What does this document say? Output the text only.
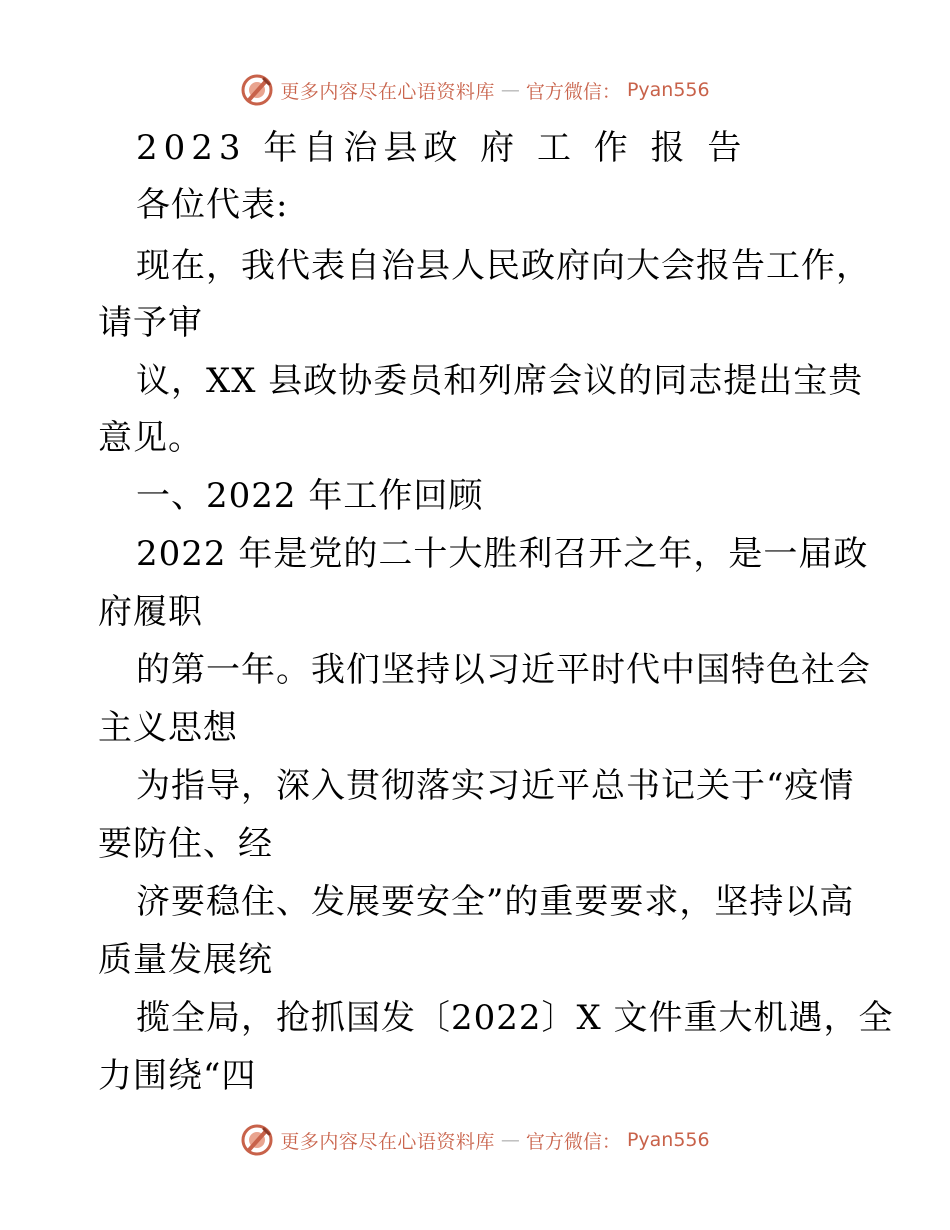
更多内容尽在心语资料库 — 官方微信： Pyan556
2023 年自治县政 府 工 作 报 告
各位代表:
现在，我代表自治县人民政府向大会报告工作，
请予审
议，XX 县政协委员和列席会议的同志提出宝贵
意见。
一、2022 年工作回顾
2022 年是党的二十大胜利召开之年，是一届政
府履职
的第一年。我们坚持以习近平时代中国特色社会
主义思想
为指导，深入贯彻落实习近平总书记关于“疫情
要防住、经
济要稳住、发展要安全”的重要要求，坚持以高
质量发展统
揽全局，抢抓国发〔2022〕X 文件重大机遇，全
力围绕“四
更多内容尽在心语资料库 — 官方微信： Pyan556
